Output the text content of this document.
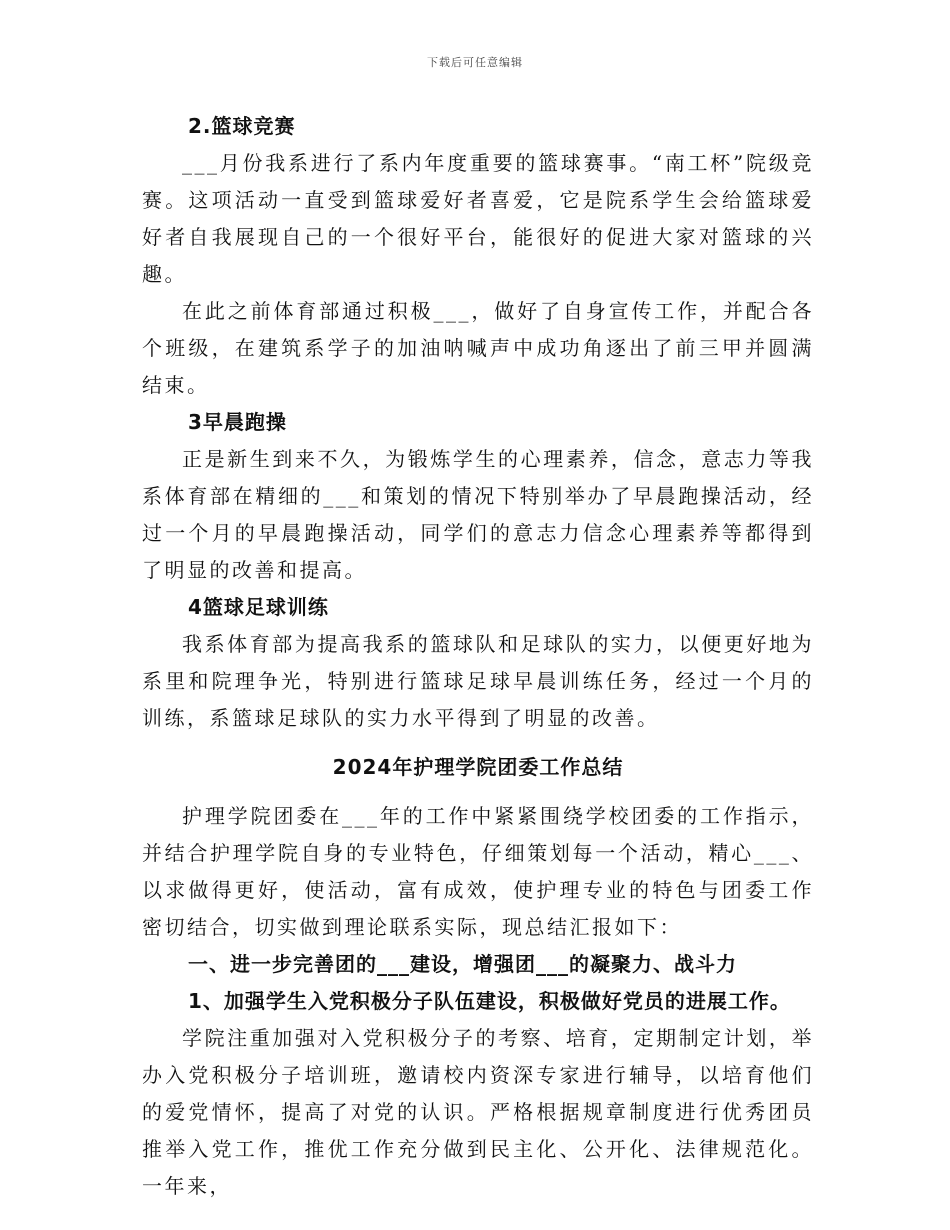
下载后可任意编辑

2.篮球竞赛

___月份我系进行了系内年度重要的篮球赛事。“南工杯”院级竞赛。这项活动一直受到篮球爱好者喜爱，它是院系学生会给篮球爱好者自我展现自己的一个很好平台，能很好的促进大家对篮球的兴趣。

在此之前体育部通过积极___，做好了自身宣传工作，并配合各个班级，在建筑系学子的加油呐喊声中成功角逐出了前三甲并圆满结束。

3早晨跑操

正是新生到来不久，为锻炼学生的心理素养，信念，意志力等我系体育部在精细的___和策划的情况下特别举办了早晨跑操活动，经过一个月的早晨跑操活动，同学们的意志力信念心理素养等都得到了明显的改善和提高。

4篮球足球训练

我系体育部为提高我系的篮球队和足球队的实力，以便更好地为系里和院理争光，特别进行篮球足球早晨训练任务，经过一个月的训练，系篮球足球队的实力水平得到了明显的改善。

2024年护理学院团委工作总结

护理学院团委在___年的工作中紧紧围绕学校团委的工作指示，并结合护理学院自身的专业特色，仔细策划每一个活动，精心___、以求做得更好，使活动，富有成效，使护理专业的特色与团委工作密切结合，切实做到理论联系实际，现总结汇报如下：

一、进一步完善团的___建设，增强团___的凝聚力、战斗力

1、加强学生入党积极分子队伍建设，积极做好党员的进展工作。

学院注重加强对入党积极分子的考察、培育，定期制定计划，举办入党积极分子培训班，邀请校内资深专家进行辅导，以培育他们的爱党情怀，提高了对党的认识。严格根据规章制度进行优秀团员推举入党工作，推优工作充分做到民主化、公开化、法律规范化。一年来，
